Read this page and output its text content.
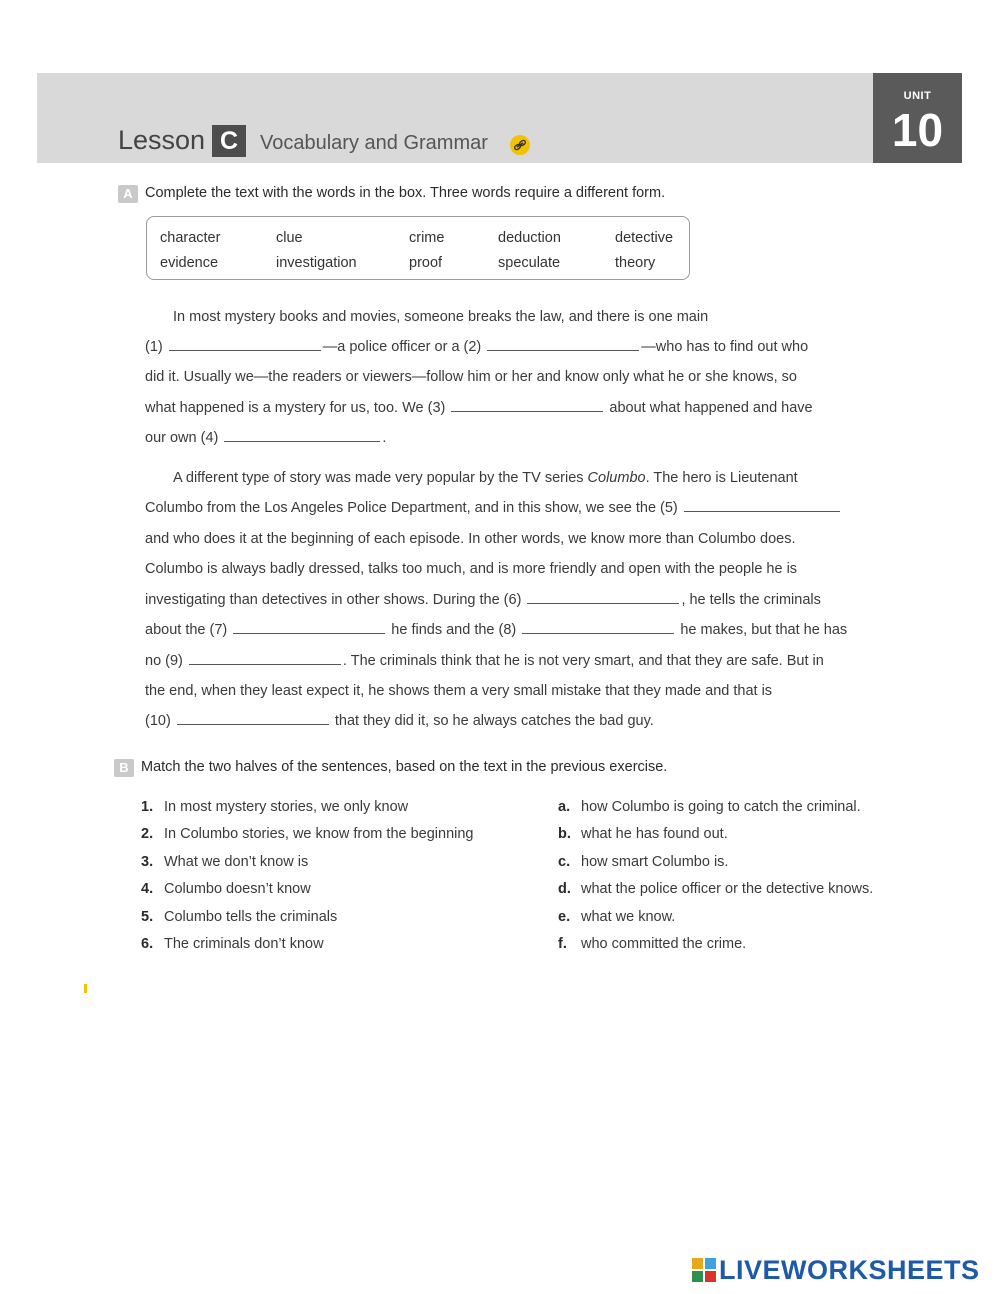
UNIT
10
Lesson C	Vocabulary and Grammar
A Complete the text with the words in the box. Three words require a different form.
character	clue	crime	deduction	detective
evidence	investigation	proof	speculate	theory
In most mystery books and movies, someone breaks the law, and there is one main
(1)	—a police officer or a (2)	—who has to find out who
did it. Usually we—the readers or viewers—follow him or her and know only what he or she knows, so
what happened is a mystery for us, too. We (3)	about what happened and have
our own (4)	.
A different type of story was made very popular by the TV series Columbo. The hero is Lieutenant
Columbo from the Los Angeles Police Department, and in this show, we see the (5)
and who does it at the beginning of each episode. In other words, we know more than Columbo does.
Columbo is always badly dressed, talks too much, and is more friendly and open with the people he is
investigating than detectives in other shows. During the (6)	, he tells the criminals
about the (7)	he finds and the (8)	he makes, but that he has
no (9)	. The criminals think that he is not very smart, and that they are safe. But in
the end, when they least expect it, he shows them a very small mistake that they made and that is
(10)	that they did it, so he always catches the bad guy.
B Match the two halves of the sentences, based on the text in the previous exercise.
1. In most mystery stories, we only know
2. In Columbo stories, we know from the beginning
3. What we don’t know is
4. Columbo doesn’t know
5. Columbo tells the criminals
6. The criminals don’t know
a. how Columbo is going to catch the criminal.
b. what he has found out.
c. how smart Columbo is.
d. what the police officer or the detective knows.
e. what we know.
f. who committed the crime.
LIVEWORKSHEETS
